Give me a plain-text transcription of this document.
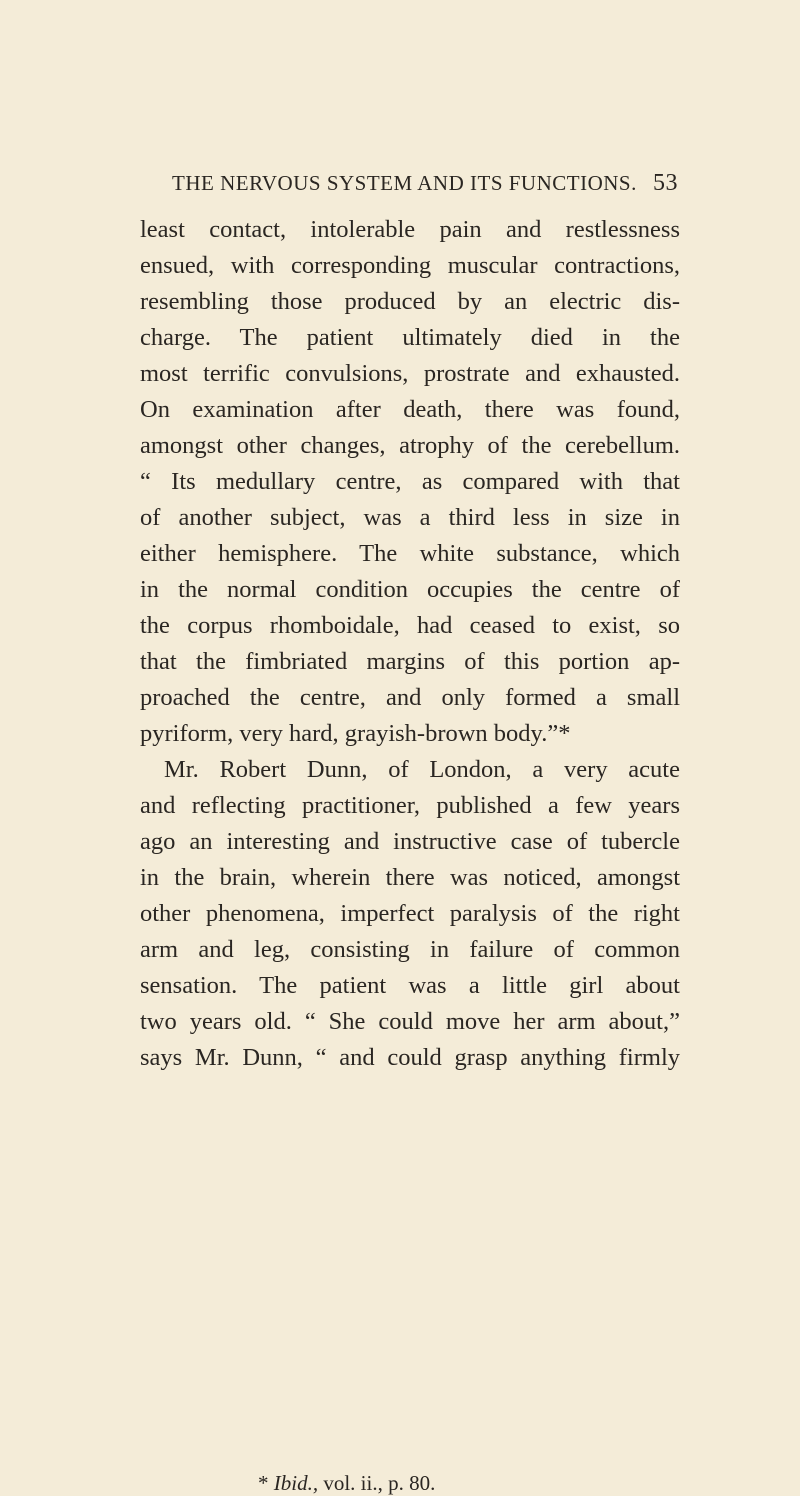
THE NERVOUS SYSTEM AND ITS FUNCTIONS. 53
least contact, intolerable pain and restlessness
ensued, with corresponding muscular contractions,
resembling those produced by an electric dis-
charge. The patient ultimately died in the
most terrific convulsions, prostrate and exhausted.
On examination after death, there was found,
amongst other changes, atrophy of the cerebellum.
“ Its medullary centre, as compared with that
of another subject, was a third less in size in
either hemisphere. The white substance, which
in the normal condition occupies the centre of
the corpus rhomboidale, had ceased to exist, so
that the fimbriated margins of this portion ap-
proached the centre, and only formed a small
pyriform, very hard, grayish-brown body.”*
Mr. Robert Dunn, of London, a very acute
and reflecting practitioner, published a few years
ago an interesting and instructive case of tubercle
in the brain, wherein there was noticed, amongst
other phenomena, imperfect paralysis of the right
arm and leg, consisting in failure of common
sensation. The patient was a little girl about
two years old. “ She could move her arm about,”
says Mr. Dunn, “ and could grasp anything firmly
* Ibid., vol. ii., p. 80.
